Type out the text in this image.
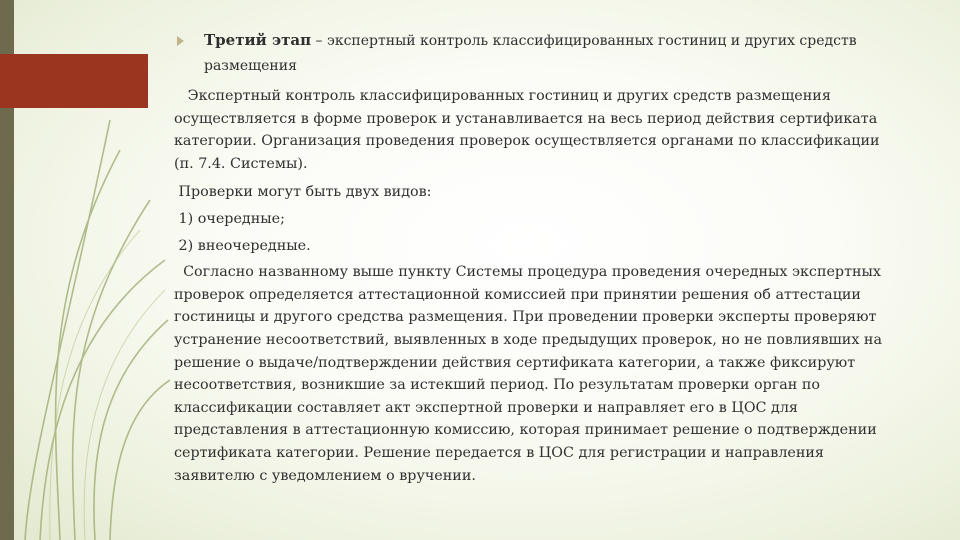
Третий этап – экспертный контроль классифицированных гостиниц и других средств размещения

Экспертный контроль классифицированных гостиниц и других средств размещения осуществляется в форме проверок и устанавливается на весь период действия сертификата категории. Организация проведения проверок осуществляется органами по классификации (п. 7.4. Системы).

Проверки могут быть двух видов:

1) очередные;

2) внеочередные.

Согласно названному выше пункту Системы процедура проведения очередных экспертных проверок определяется аттестационной комиссией при принятии решения об аттестации гостиницы и другого средства размещения. При проведении проверки эксперты проверяют устранение несоответствий, выявленных в ходе предыдущих проверок, но не повлиявших на решение о выдаче/подтверждении действия сертификата категории, а также фиксируют несоответствия, возникшие за истекший период. По результатам проверки орган по классификации составляет акт экспертной проверки и направляет его в ЦОС для представления в аттестационную комиссию, которая принимает решение о подтверждении сертификата категории. Решение передается в ЦОС для регистрации и направления заявителю с уведомлением о вручении.
